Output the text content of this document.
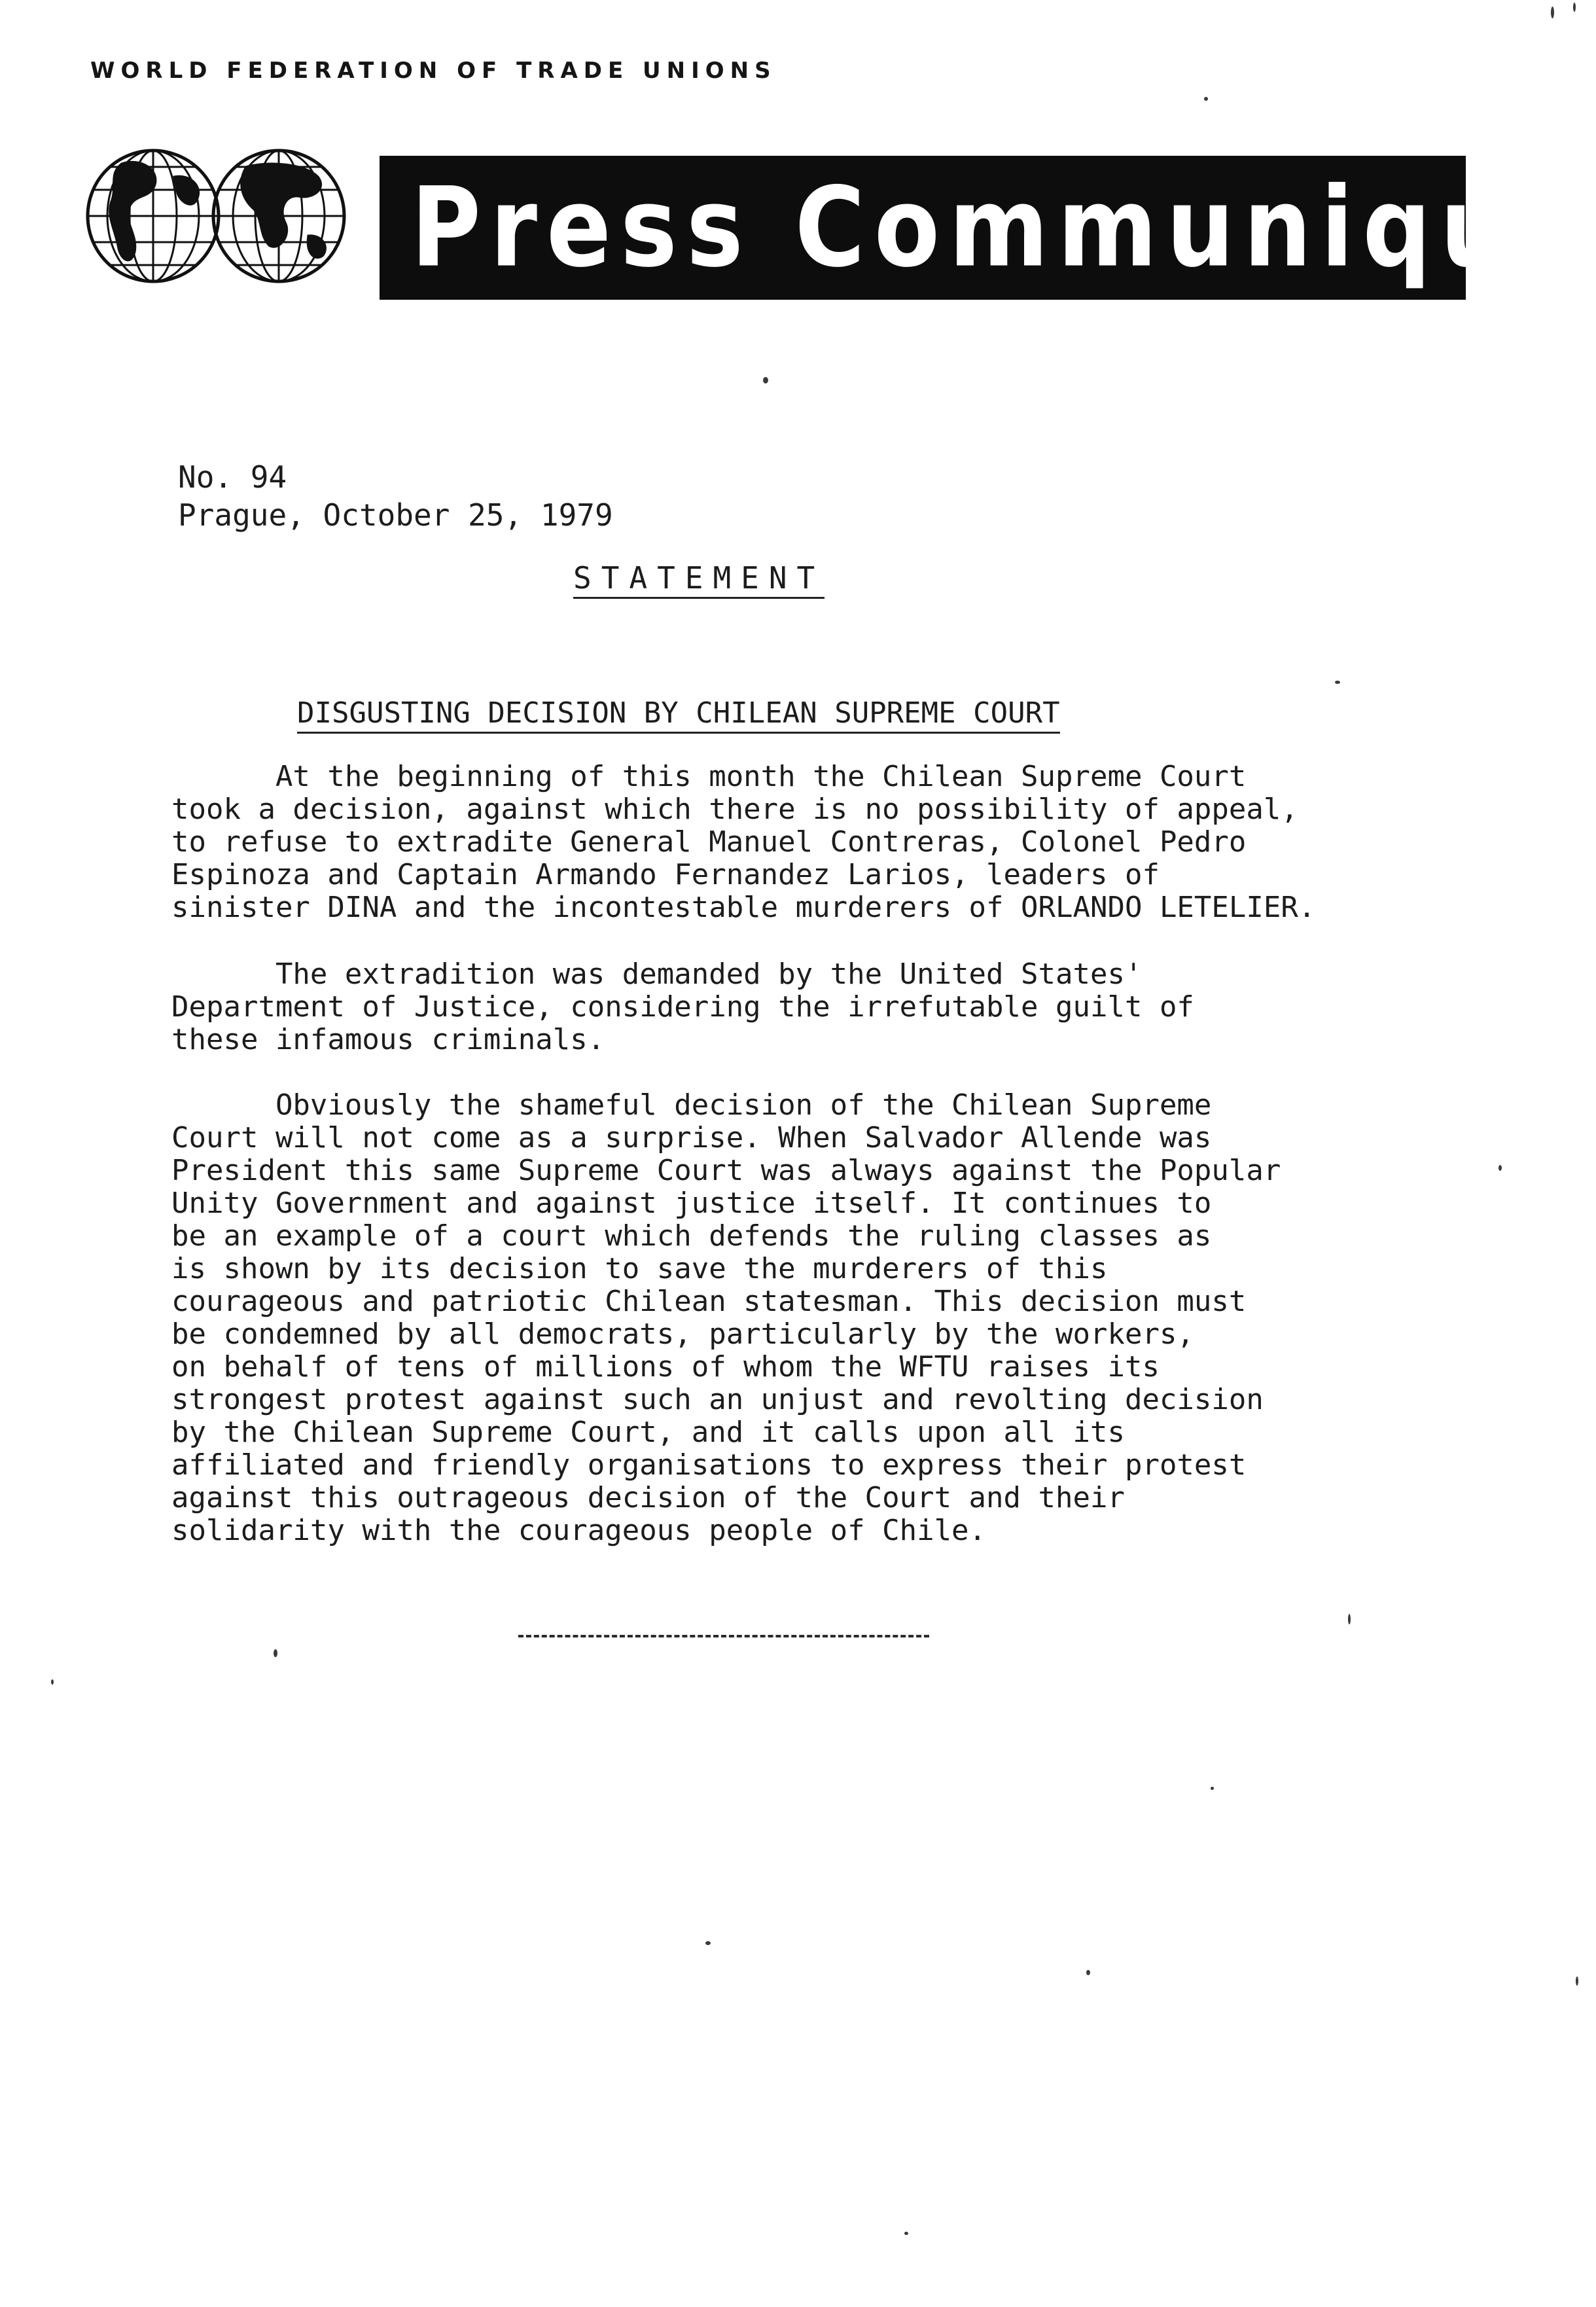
WORLD FEDERATION OF TRADE UNIONS
Press Communique
No. 94
Prague, October 25, 1979
STATEMENT
DISGUSTING DECISION BY CHILEAN SUPREME COURT
At the beginning of this month the Chilean Supreme Court
took a decision, against which there is no possibility of appeal,
to refuse to extradite General Manuel Contreras, Colonel Pedro
Espinoza and Captain Armando Fernandez Larios, leaders of
sinister DINA and the incontestable murderers of ORLANDO LETELIER.
The extradition was demanded by the United States'
Department of Justice, considering the irrefutable guilt of
these infamous criminals.
Obviously the shameful decision of the Chilean Supreme
Court will not come as a surprise. When Salvador Allende was
President this same Supreme Court was always against the Popular
Unity Government and against justice itself. It continues to
be an example of a court which defends the ruling classes as
is shown by its decision to save the murderers of this
courageous and patriotic Chilean statesman. This decision must
be condemned by all democrats, particularly by the workers,
on behalf of tens of millions of whom the WFTU raises its
strongest protest against such an unjust and revolting decision
by the Chilean Supreme Court, and it calls upon all its
affiliated and friendly organisations to express their protest
against this outrageous decision of the Court and their
solidarity with the courageous people of Chile.
